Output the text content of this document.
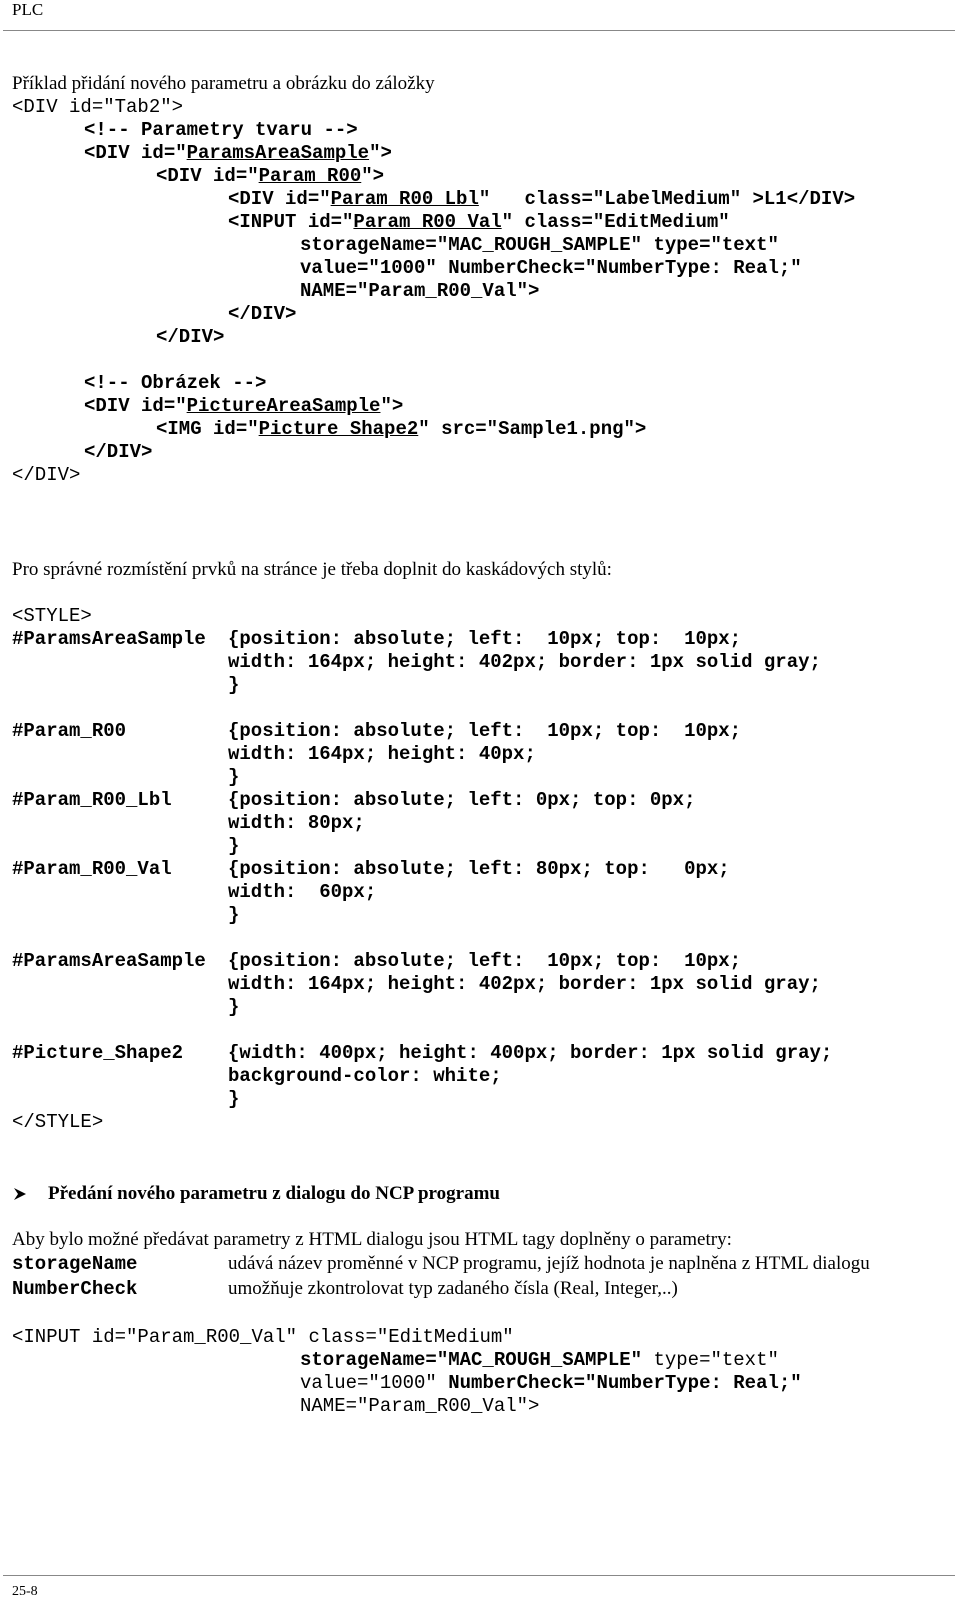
PLC
Příklad přidání nového parametru a obrázku do záložky
<DIV id="Tab2">
<!-- Parametry tvaru -->
<DIV id="ParamsAreaSample">
<DIV id="Param_R00">
<DIV id="Param_R00_Lbl"   class="LabelMedium" >L1</DIV>
<INPUT id="Param_R00_Val" class="EditMedium"
storageName="MAC_ROUGH_SAMPLE" type="text"
value="1000" NumberCheck="NumberType: Real;"
NAME="Param_R00_Val">
</DIV>
</DIV>
<!-- Obrázek -->
<DIV id="PictureAreaSample">
<IMG id="Picture_Shape2" src="Sample1.png">
</DIV>
</DIV>
Pro správné rozmístění prvků na stránce je třeba doplnit do kaskádových stylů:
<STYLE>
#ParamsAreaSample {position: absolute; left:  10px; top:  10px;
width: 164px; height: 402px; border: 1px solid gray;
}
#Param_R00	{position: absolute; left:  10px; top:  10px;
width: 164px; height: 40px;
}
#Param_R00_Lbl	{position: absolute; left: 0px; top: 0px;
width: 80px;
}
#Param_R00_Val	{position: absolute; left: 80px; top:   0px;
width:  60px;
}
#ParamsAreaSample {position: absolute; left:  10px; top:  10px;
width: 164px; height: 402px; border: 1px solid gray;
}
#Picture_Shape2 {width: 400px; height: 400px; border: 1px solid gray;
background-color: white;
}
</STYLE>
Předání nového parametru z dialogu do NCP programu
Aby bylo možné předávat parametry z HTML dialogu jsou HTML tagy doplněny o parametry:
storageName	udává název proměnné v NCP programu, jejíž hodnota je naplněna z HTML dialogu
NumberCheck	umožňuje zkontrolovat typ zadaného čísla (Real, Integer,..)
<INPUT id="Param_R00_Val" class="EditMedium"
storageName="MAC_ROUGH_SAMPLE" type="text"
value="1000" NumberCheck="NumberType: Real;"
NAME="Param_R00_Val">
25-8
